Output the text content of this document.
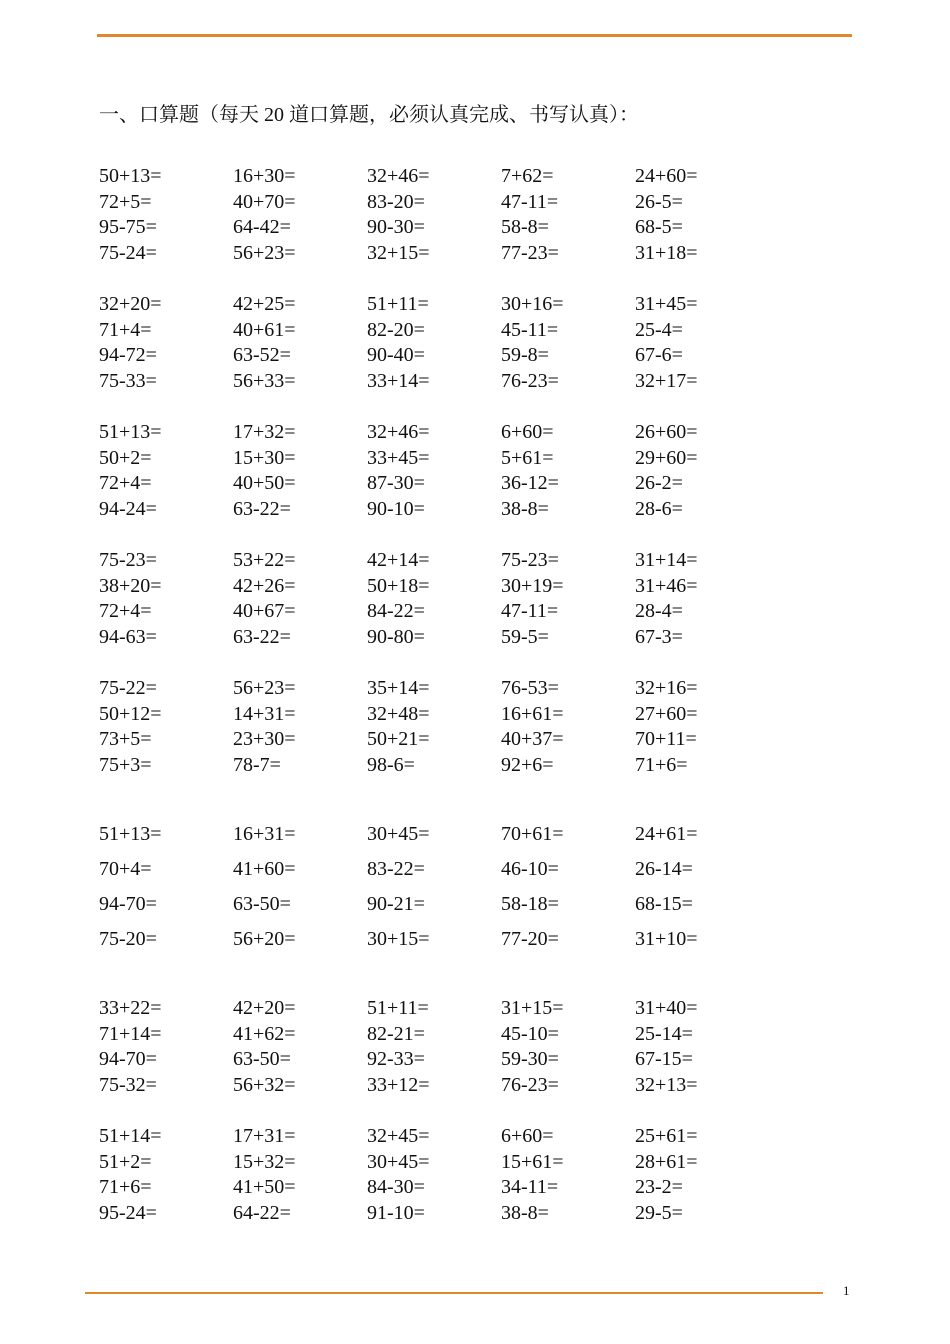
一、口算题（每天 20 道口算题，必须认真完成、书写认真）：
50+13=	16+30=	32+46=	7+62=	24+60=
72+5=	40+70=	83-20=	47-11=	26-5=
95-75=	64-42=	90-30=	58-8=	68-5=
75-24=	56+23=	32+15=	77-23=	31+18=
32+20=	42+25=	51+11=	30+16=	31+45=
71+4=	40+61=	82-20=	45-11=	25-4=
94-72=	63-52=	90-40=	59-8=	67-6=
75-33=	56+33=	33+14=	76-23=	32+17=
51+13=	17+32=	32+46=	6+60=	26+60=
50+2=	15+30=	33+45=	5+61=	29+60=
72+4=	40+50=	87-30=	36-12=	26-2=
94-24=	63-22=	90-10=	38-8=	28-6=
75-23=	53+22=	42+14=	75-23=	31+14=
38+20=	42+26=	50+18=	30+19=	31+46=
72+4=	40+67=	84-22=	47-11=	28-4=
94-63=	63-22=	90-80=	59-5=	67-3=
75-22=	56+23=	35+14=	76-53=	32+16=
50+12=	14+31=	32+48=	16+61=	27+60=
73+5=	23+30=	50+21=	40+37=	70+11=
75+3=	78-7=	98-6=	92+6=	71+6=
51+13=	16+31=	30+45=	70+61=	24+61=
70+4=	41+60=	83-22=	46-10=	26-14=
94-70=	63-50=	90-21=	58-18=	68-15=
75-20=	56+20=	30+15=	77-20=	31+10=
33+22=	42+20=	51+11=	31+15=	31+40=
71+14=	41+62=	82-21=	45-10=	25-14=
94-70=	63-50=	92-33=	59-30=	67-15=
75-32=	56+32=	33+12=	76-23=	32+13=
51+14=	17+31=	32+45=	6+60=	25+61=
51+2=	15+32=	30+45=	15+61=	28+61=
71+6=	41+50=	84-30=	34-11=	23-2=
95-24=	64-22=	91-10=	38-8=	29-5=
1
